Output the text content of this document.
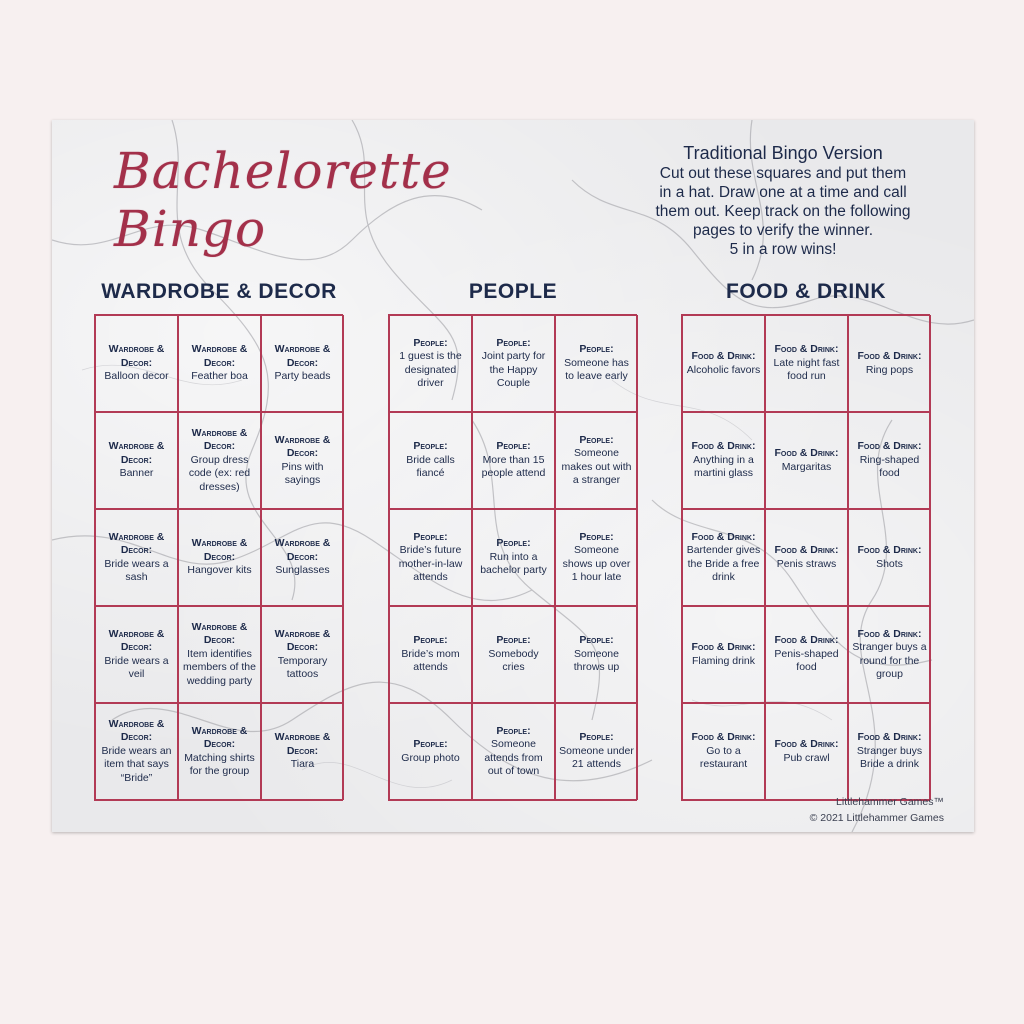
Bachelorette Bingo
Traditional Bingo Version
Cut out these squares and put them
in a hat. Draw one at a time and call
them out. Keep track on the following
pages to verify the winner.
5 in a row wins!
WARDROBE & DECOR
Wardrobe & Decor:
Balloon decor
Wardrobe & Decor:
Feather boa
Wardrobe & Decor:
Party beads
Wardrobe & Decor:
Banner
Wardrobe & Decor:
Group dress code (ex: red dresses)
Wardrobe & Decor:
Pins with sayings
Wardrobe & Decor:
Bride wears a sash
Wardrobe & Decor:
Hangover kits
Wardrobe & Decor:
Sunglasses
Wardrobe & Decor:
Bride wears a veil
Wardrobe & Decor:
Item identifies members of the wedding party
Wardrobe & Decor:
Temporary tattoos
Wardrobe & Decor:
Bride wears an item that says “Bride”
Wardrobe & Decor:
Matching shirts for the group
Wardrobe & Decor:
Tiara
PEOPLE
People:
1 guest is the designated driver
People:
Joint party for the Happy Couple
People:
Someone has to leave early
People:
Bride calls fiancé
People:
More than 15 people attend
People:
Someone makes out with a stranger
People:
Bride’s future mother-in-law attends
People:
Run into a bachelor party
People:
Someone shows up over 1 hour late
People:
Bride’s mom attends
People:
Somebody cries
People:
Someone throws up
People:
Group photo
People:
Someone attends from out of town
People:
Someone under 21 attends
FOOD & DRINK
Food & Drink:
Alcoholic favors
Food & Drink:
Late night fast food run
Food & Drink:
Ring pops
Food & Drink:
Anything in a martini glass
Food & Drink:
Margaritas
Food & Drink:
Ring-shaped food
Food & Drink:
Bartender gives the Bride a free drink
Food & Drink:
Penis straws
Food & Drink:
Shots
Food & Drink:
Flaming drink
Food & Drink:
Penis-shaped food
Food & Drink:
Stranger buys a round for the group
Food & Drink:
Go to a restaurant
Food & Drink:
Pub crawl
Food & Drink:
Stranger buys Bride a drink
Littlehammer Games™
© 2021 Littlehammer Games
